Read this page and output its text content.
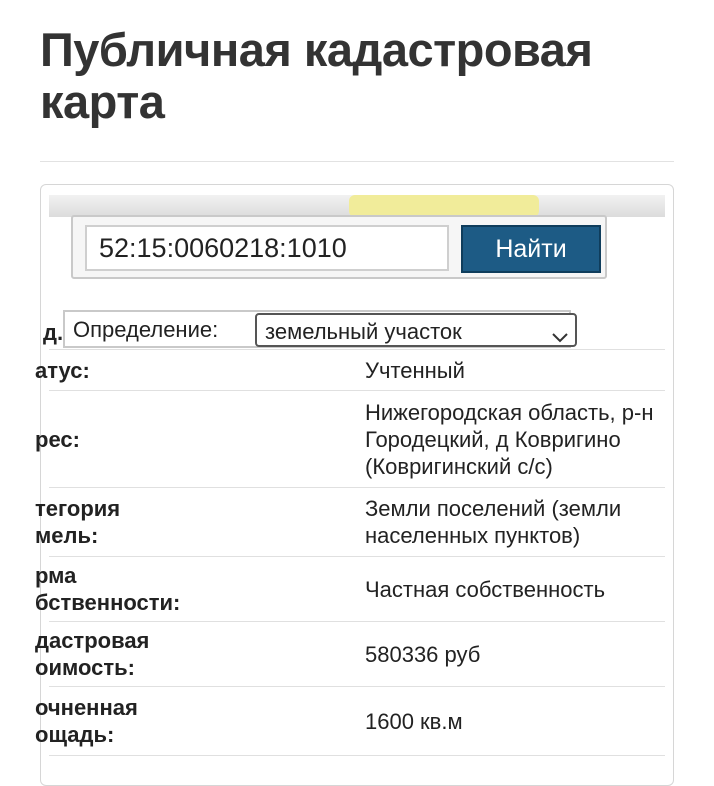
Публичная кадастровая карта
52:15:0060218:1010
Найти
д. Определение: земельный участок	

атус:	Учтенный
рес:	Нижегородская область, р-н Городецкий, д Ковригино (Ковригинский с/с)

тегория
мель:	Земли поселений (земли населенных пунктов)

рма
бственности:	Частная собственность

дастровая
оимость:	580336 руб

очненная
ощадь:	1600 кв.м
